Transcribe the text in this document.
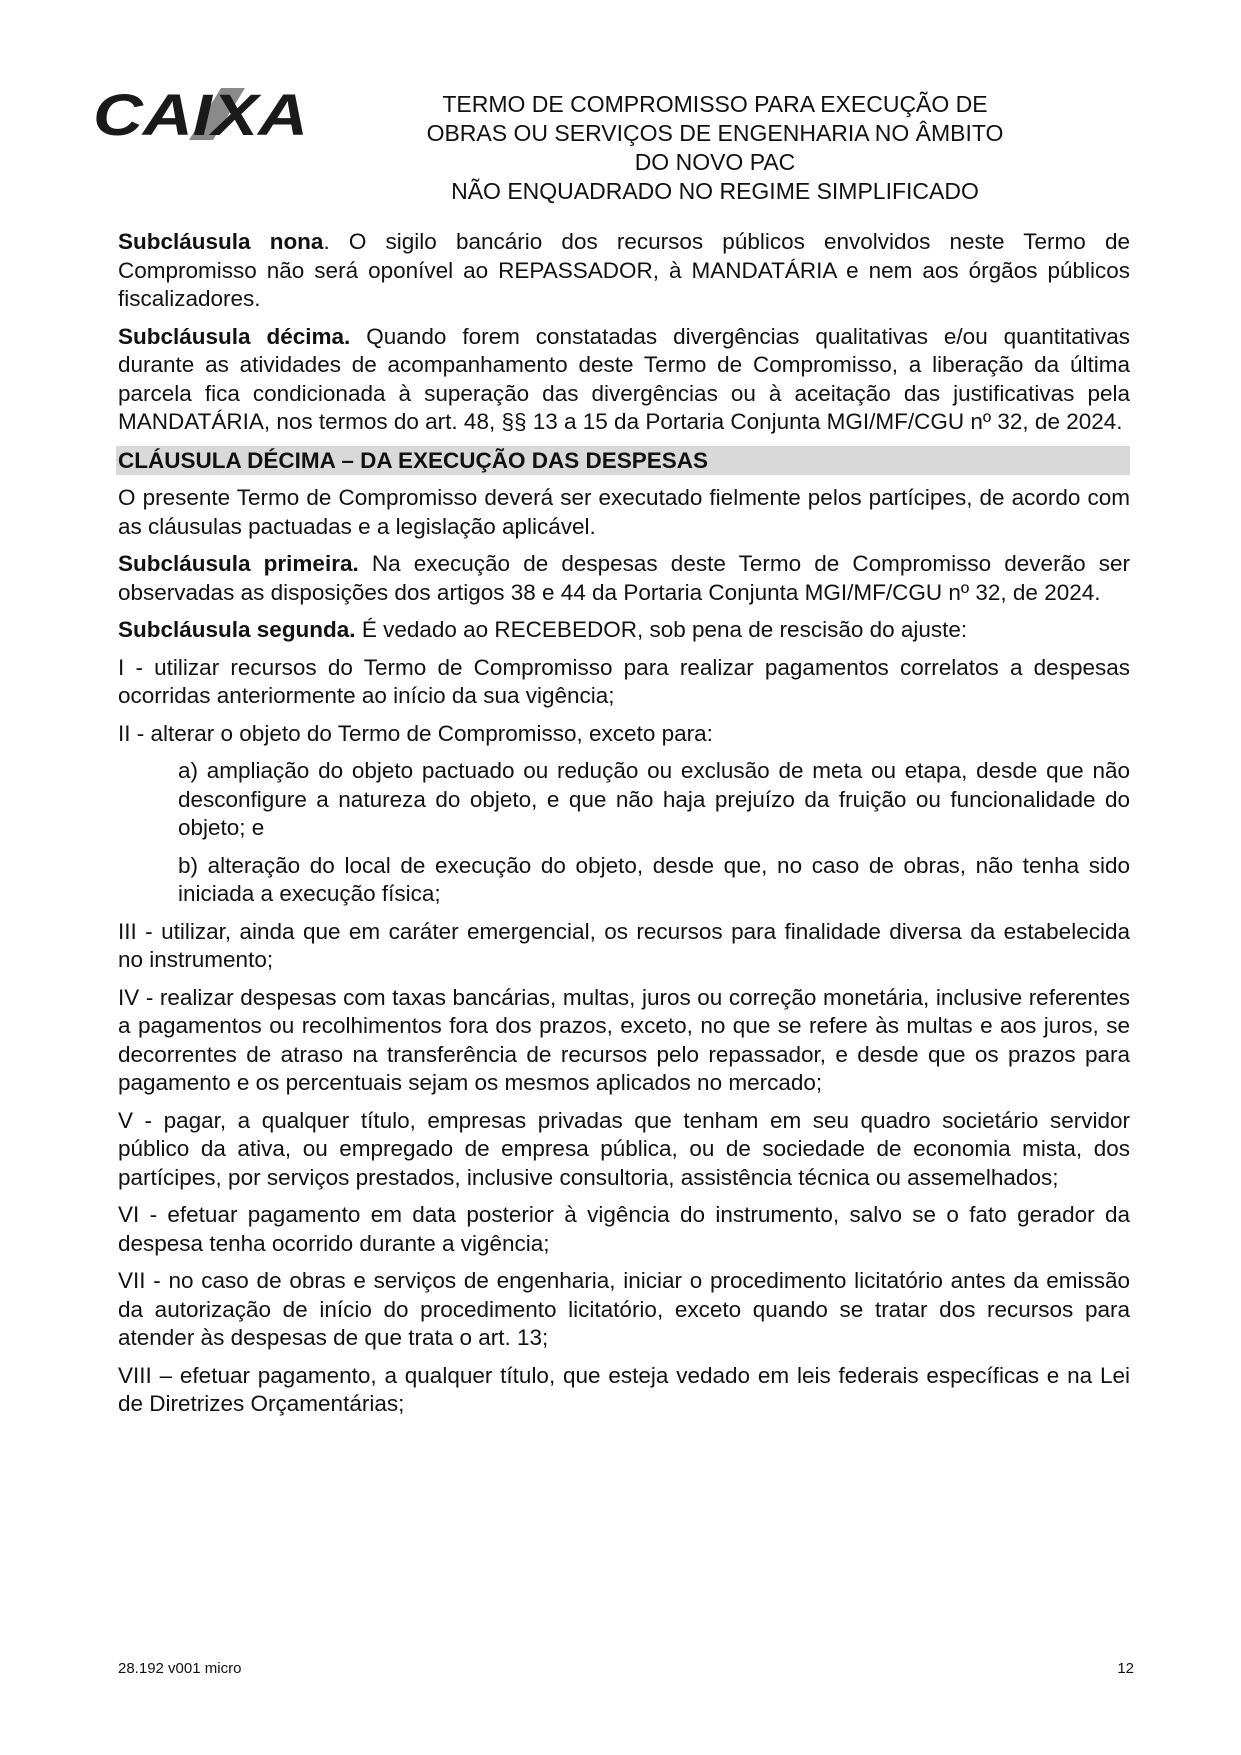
CAIXA	TERMO DE COMPROMISSO PARA EXECUÇÃO DE
OBRAS OU SERVIÇOS DE ENGENHARIA NO ÂMBITO
DO NOVO PAC
NÃO ENQUADRADO NO REGIME SIMPLIFICADO

Subcláusula nona. O sigilo bancário dos recursos públicos envolvidos neste Termo de Compromisso não será oponível ao REPASSADOR, à MANDATÁRIA e nem aos órgãos públicos fiscalizadores.

Subcláusula décima. Quando forem constatadas divergências qualitativas e/ou quantitativas durante as atividades de acompanhamento deste Termo de Compromisso, a liberação da última parcela fica condicionada à superação das divergências ou à aceitação das justificativas pela MANDATÁRIA, nos termos do art. 48, §§ 13 a 15 da Portaria Conjunta MGI/MF/CGU nº 32, de 2024.

CLÁUSULA DÉCIMA – DA EXECUÇÃO DAS DESPESAS

O presente Termo de Compromisso deverá ser executado fielmente pelos partícipes, de acordo com as cláusulas pactuadas e a legislação aplicável.

Subcláusula primeira. Na execução de despesas deste Termo de Compromisso deverão ser observadas as disposições dos artigos 38 e 44 da Portaria Conjunta MGI/MF/CGU nº 32, de 2024.

Subcláusula segunda. É vedado ao RECEBEDOR, sob pena de rescisão do ajuste:

I - utilizar recursos do Termo de Compromisso para realizar pagamentos correlatos a despesas ocorridas anteriormente ao início da sua vigência;

II - alterar o objeto do Termo de Compromisso, exceto para:

a) ampliação do objeto pactuado ou redução ou exclusão de meta ou etapa, desde que não desconfigure a natureza do objeto, e que não haja prejuízo da fruição ou funcionalidade do objeto; e

b) alteração do local de execução do objeto, desde que, no caso de obras, não tenha sido iniciada a execução física;

III - utilizar, ainda que em caráter emergencial, os recursos para finalidade diversa da estabelecida no instrumento;

IV - realizar despesas com taxas bancárias, multas, juros ou correção monetária, inclusive referentes a pagamentos ou recolhimentos fora dos prazos, exceto, no que se refere às multas e aos juros, se decorrentes de atraso na transferência de recursos pelo repassador, e desde que os prazos para pagamento e os percentuais sejam os mesmos aplicados no mercado;

V - pagar, a qualquer título, empresas privadas que tenham em seu quadro societário servidor público da ativa, ou empregado de empresa pública, ou de sociedade de economia mista, dos partícipes, por serviços prestados, inclusive consultoria, assistência técnica ou assemelhados;

VI - efetuar pagamento em data posterior à vigência do instrumento, salvo se o fato gerador da despesa tenha ocorrido durante a vigência;

VII - no caso de obras e serviços de engenharia, iniciar o procedimento licitatório antes da emissão da autorização de início do procedimento licitatório, exceto quando se tratar dos recursos para atender às despesas de que trata o art. 13;

VIII – efetuar pagamento, a qualquer título, que esteja vedado em leis federais específicas e na Lei de Diretrizes Orçamentárias;

28.192 v001 micro	12
